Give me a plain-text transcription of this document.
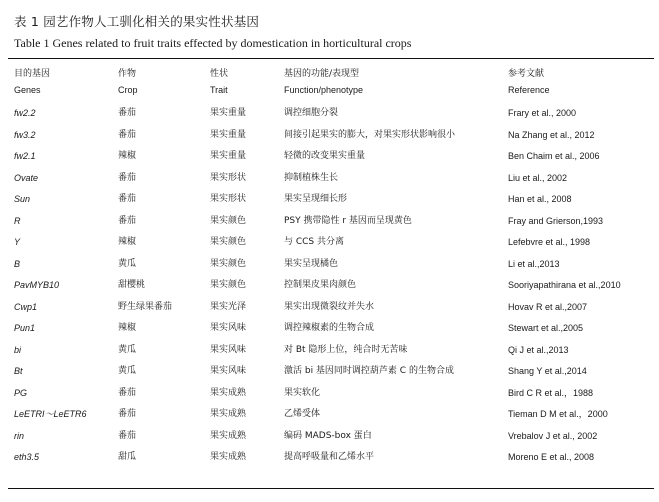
表 1 园艺作物人工驯化相关的果实性状基因
Table 1 Genes related to fruit traits effected by domestication in horticultural crops
目的基因	作物	性状	基因的功能/表现型	参考文献
Genes	Crop	Trait	Function/phenotype	Reference
fw2.2	番茄	果实重量	调控细胞分裂	Frary et al., 2000
fw3.2	番茄	果实重量	间接引起果实的膨大，对果实形状影响很小	Na Zhang et al., 2012
fw2.1	辣椒	果实重量	轻微的改变果实重量	Ben Chaim et al., 2006
Ovate	番茄	果实形状	抑制植株生长	Liu et al., 2002
Sun	番茄	果实形状	果实呈现细长形	Han et al., 2008
R	番茄	果实颜色	PSY 携带隐性 r 基因而呈现黄色	Fray and Grierson,1993
Y	辣椒	果实颜色	与 CCS 共分离	Lefebvre et al., 1998
B	黄瓜	果实颜色	果实呈现橘色	Li et al.,2013
PavMYB10	甜樱桃	果实颜色	控制果皮果肉颜色	Sooriyapathirana et al.,2010
Cwp1	野生绿果番茄	果实光泽	果实出现微裂纹并失水	Hovav R et al.,2007
Pun1	辣椒	果实风味	调控辣椒素的生物合成	Stewart et al.,2005
bi	黄瓜	果实风味	对 Bt 隐形上位，纯合时无苦味	Qi J et al.,2013
Bt	黄瓜	果实风味	激活 bi 基因同时调控葫芦素 C 的生物合成	Shang Y et al.,2014
PG	番茄	果实成熟	果实软化	Bird C R et al.，1988
LeETRI～LeETR6	番茄	果实成熟	乙烯受体	Tieman D M et al.，2000
rin	番茄	果实成熟	编码 MADS-box 蛋白	Vrebalov J et al., 2002
eth3.5	甜瓜	果实成熟	提高呼吸量和乙烯水平	Moreno E et al., 2008
